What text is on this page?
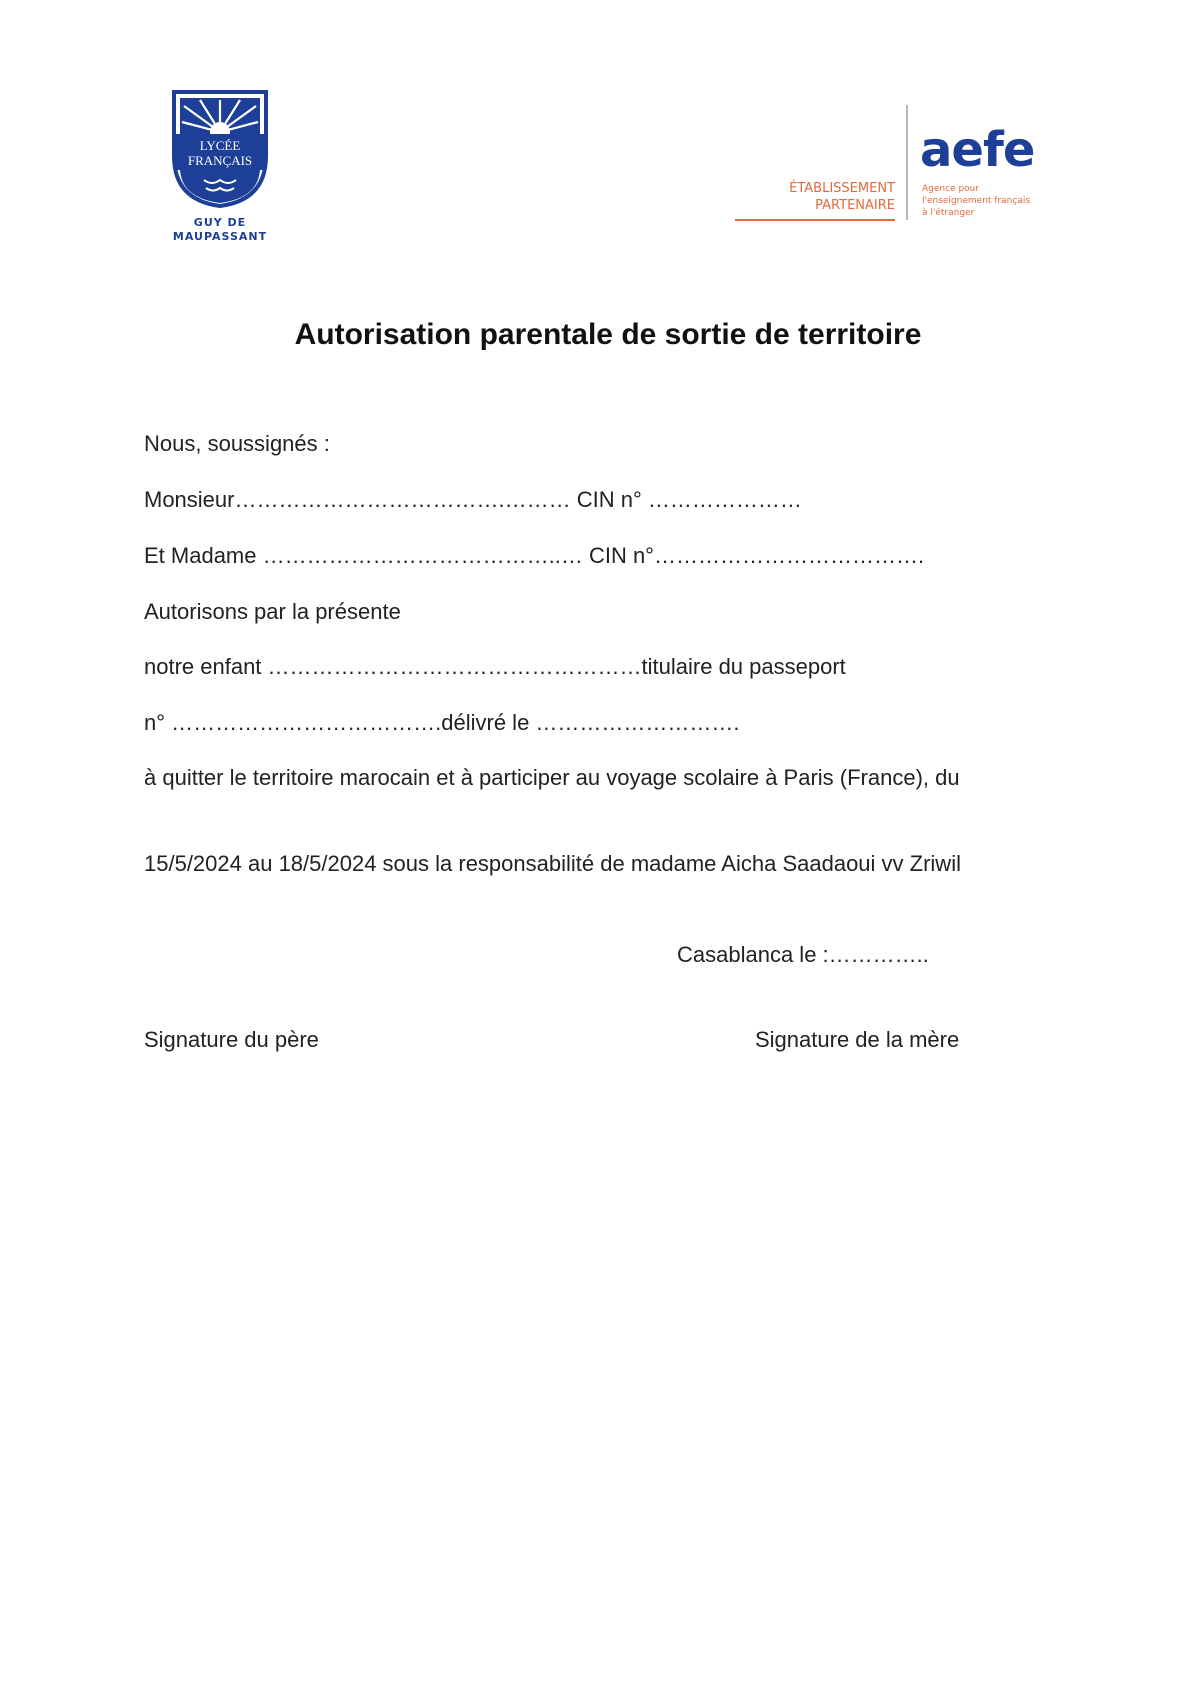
LYCÉE
FRANÇAIS
GUY DE
MAUPASSANT
ÉTABLISSEMENT
PARTENAIRE
aefe
Agence pour
l'enseignement français
à l'étranger
Autorisation parentale de sortie de territoire
Nous, soussignés :
Monsieur……………………………….……… CIN n° …………………
Et Madame …………………………………..… CIN n°……………………………….
Autorisons par la présente
notre enfant ……………………………………………titulaire du passeport
n° ……………………………….délivré le ……………………….
à quitter le territoire marocain et à participer au voyage scolaire à Paris (France), du
15/5/2024 au 18/5/2024 sous la responsabilité de madame Aicha Saadaoui vv Zriwil
Casablanca le :…………..
Signature du père	Signature de la mère
